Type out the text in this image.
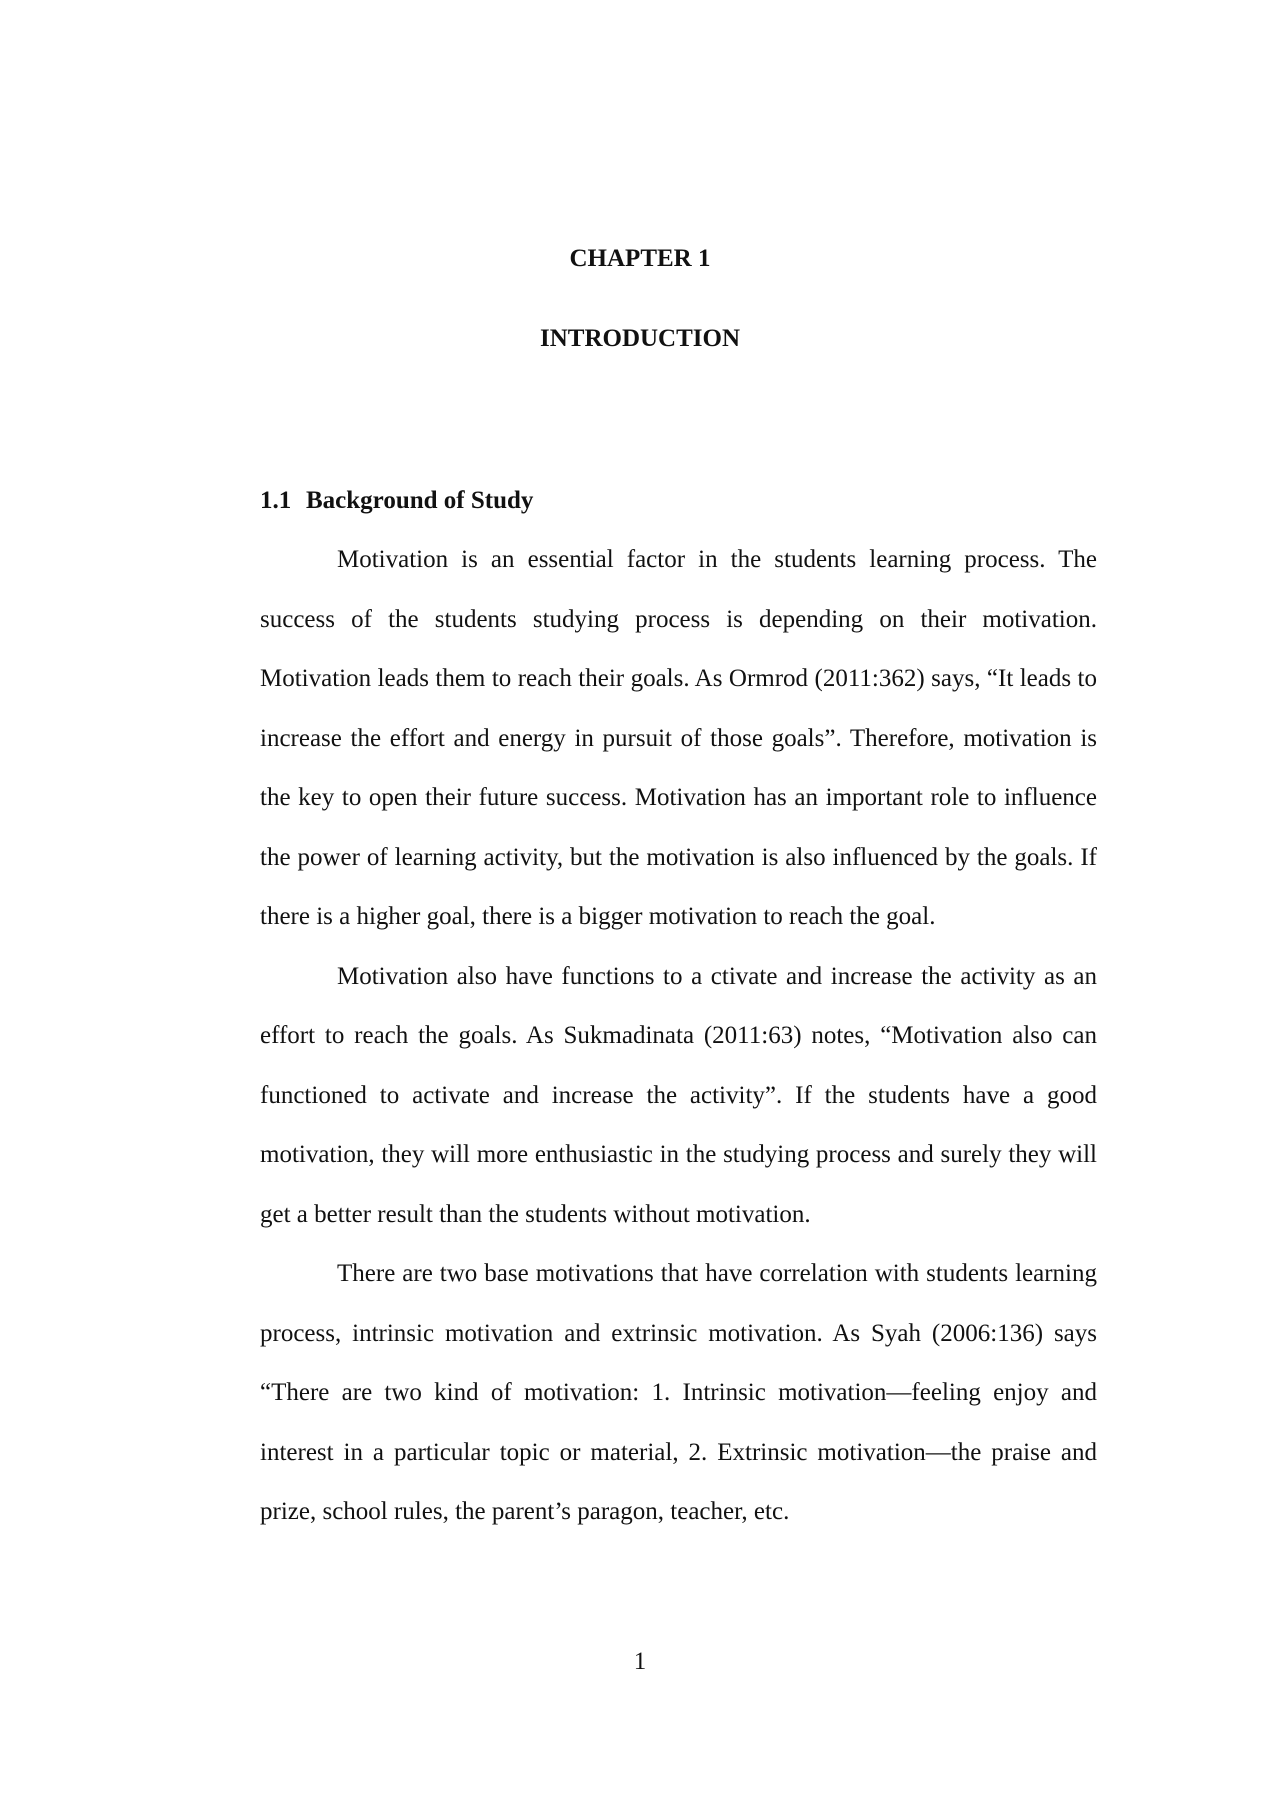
CHAPTER 1
INTRODUCTION
1.1 Background of Study

Motivation is an essential factor in the students learning process. The success of the students studying process is depending on their motivation. Motivation leads them to reach their goals. As Ormrod (2011:362) says, “It leads to increase the effort and energy in pursuit of those goals”. Therefore, motivation is the key to open their future success. Motivation has an important role to influence the power of learning activity, but the motivation is also influenced by the goals. If there is a higher goal, there is a bigger motivation to reach the goal.

Motivation also have functions to a ctivate and increase the activity as an effort to reach the goals. As Sukmadinata (2011:63) notes, “Motivation also can functioned to activate and increase the activity”. If the students have a good motivation, they will more enthusiastic in the studying process and surely they will get a better result than the students without motivation.

There are two base motivations that have correlation with students learning process, intrinsic motivation and extrinsic motivation. As Syah (2006:136) says “There are two kind of motivation: 1. Intrinsic motivation—feeling enjoy and interest in a particular topic or material, 2. Extrinsic motivation—the praise and prize, school rules, the parent’s paragon, teacher, etc.

1
